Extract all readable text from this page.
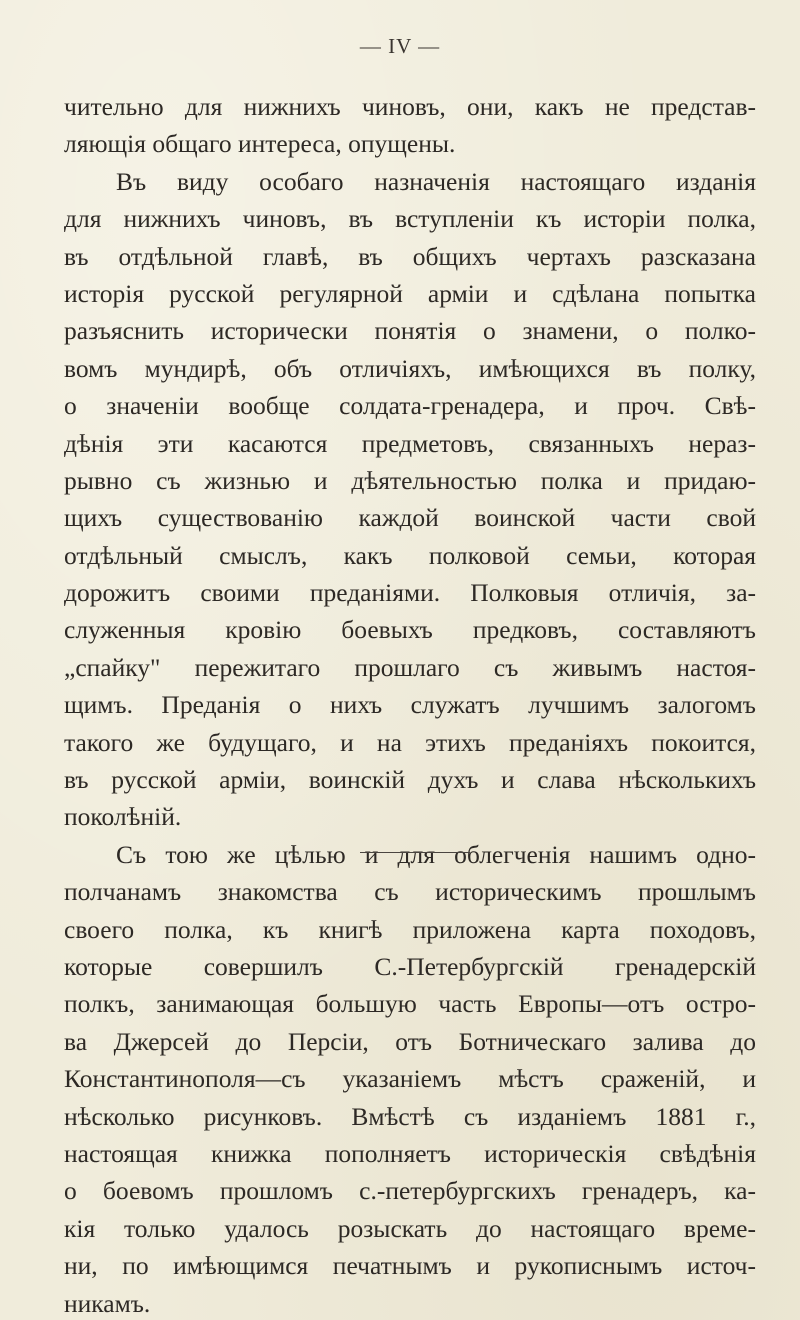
— IV —
чительно для нижнихъ чиновъ, они, какъ не представ-
ляющія общаго интереса, опущены.
Въ виду особаго назначенія настоящаго изданія
для нижнихъ чиновъ, въ вступленіи къ исторіи полка,
въ отдѣльной главѣ, въ общихъ чертахъ разсказана
исторія русской регулярной арміи и сдѣлана попытка
разъяснить исторически понятія о знамени, о полко-
вомъ мундирѣ, объ отличіяхъ, имѣющихся въ полку,
о значеніи вообще солдата-гренадера, и проч. Свѣ-
дѣнія эти касаются предметовъ, связанныхъ нераз-
рывно съ жизнью и дѣятельностью полка и придаю-
щихъ существованію каждой воинской части свой
отдѣльный смыслъ, какъ полковой семьи, которая
дорожитъ своими преданіями. Полковыя отличія, за-
служенныя кровію боевыхъ предковъ, составляютъ
„спайку" пережитаго прошлаго съ живымъ настоя-
щимъ. Преданія о нихъ служатъ лучшимъ залогомъ
такого же будущаго, и на этихъ преданіяхъ покоится,
въ русской арміи, воинскій духъ и слава нѣсколькихъ
поколѣній.
Съ тою же цѣлью и для облегченія нашимъ одно-
полчанамъ знакомства съ историческимъ прошлымъ
своего полка, къ книгѣ приложена карта походовъ,
которые совершилъ С.-Петербургскій гренадерскій
полкъ, занимающая большую часть Европы—отъ остро-
ва Джерсей до Персіи, отъ Ботническаго залива до
Константинополя—съ указаніемъ мѣстъ сраженій, и
нѣсколько рисунковъ. Вмѣстѣ съ изданіемъ 1881 г.,
настоящая книжка пополняетъ историческія свѣдѣнія
о боевомъ прошломъ с.-петербургскихъ гренадеръ, ка-
кія только удалось розыскать до настоящаго време-
ни, по имѣющимся печатнымъ и рукописнымъ источ-
никамъ.
